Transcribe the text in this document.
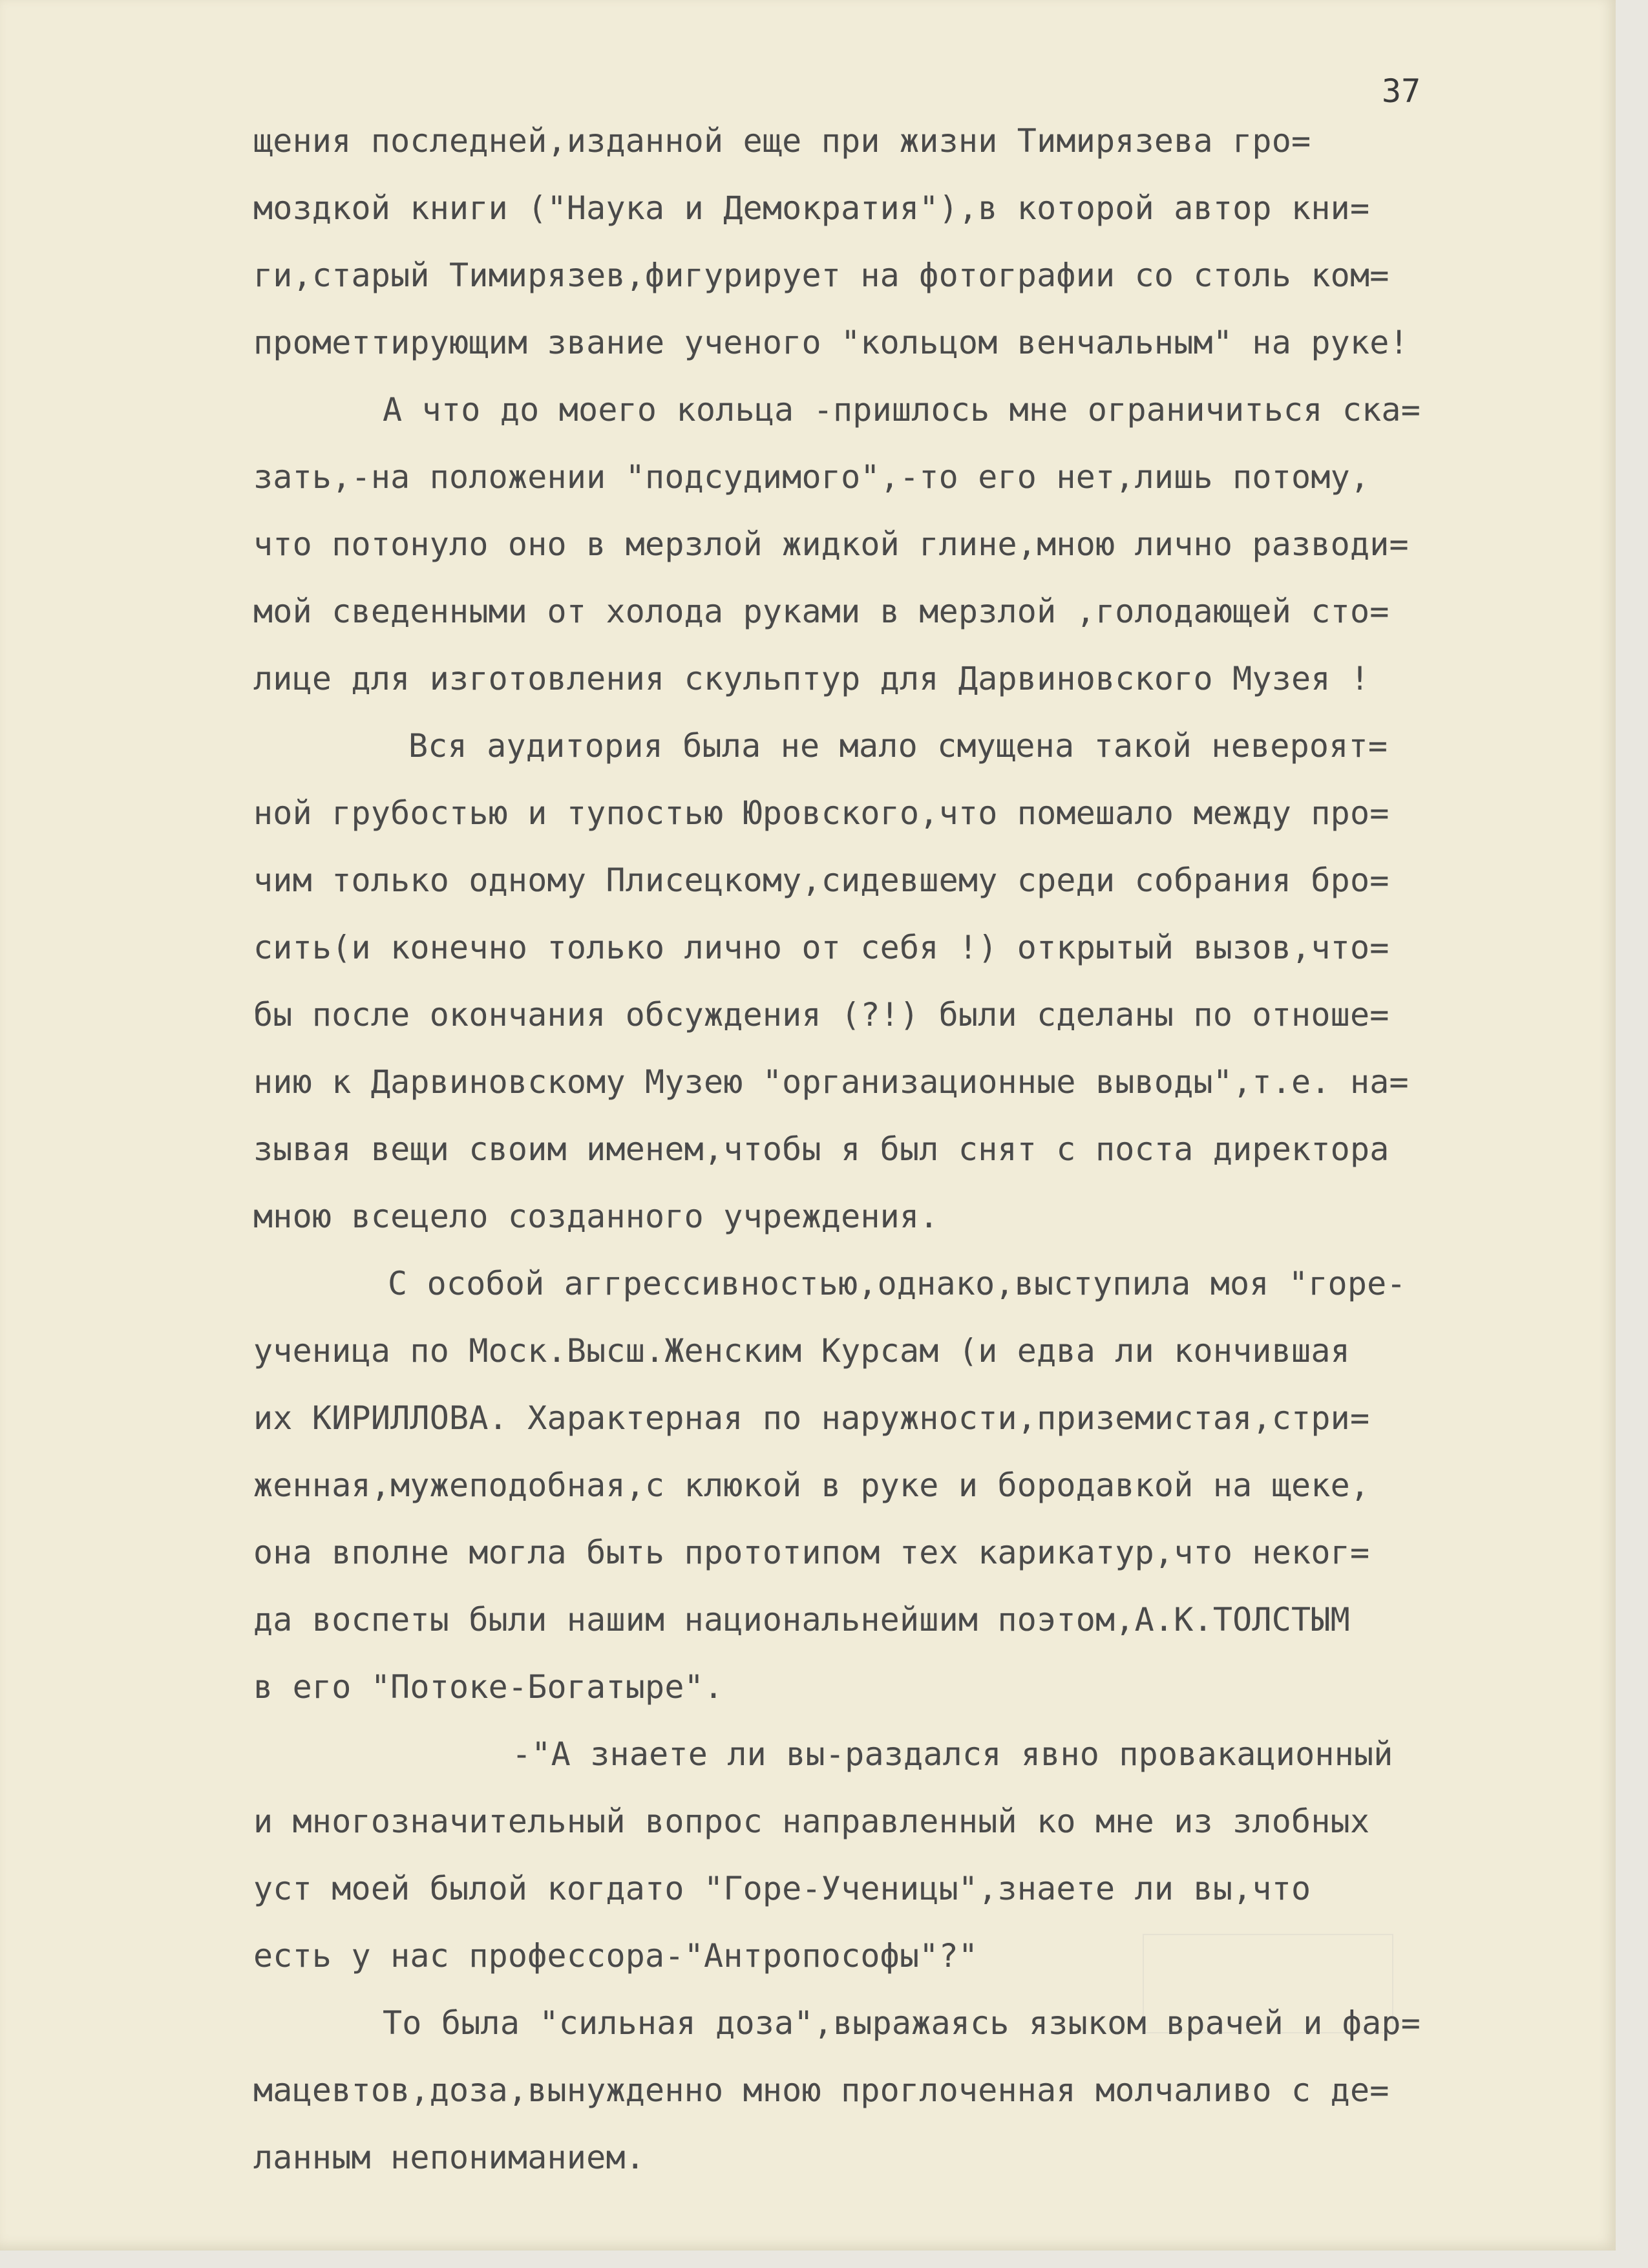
37
щения последней,изданной еще при жизни Тимирязева гро=
моздкой книги ("Наука и Демократия"),в которой автор кни=
ги,старый Тимирязев,фигурирует на фотографии со столь ком=
прометтирующим звание ученого "кольцом венчальным" на руке!
А что до моего кольца -пришлось мне ограничиться ска=
зать,-на положении "подсудимого",-то его нет,лишь потому,
что потонуло оно в мерзлой жидкой глине,мною лично разводи=
мой сведенными от холода руками в мерзлой ,голодающей сто=
лице для изготовления скульптур для Дарвиновского Музея !
Вся аудитория была не мало смущена такой невероят=
ной грубостью и тупостью Юровского,что помешало между про=
чим только одному Плисецкому,сидевшему среди собрания бро=
сить(и конечно только лично от себя !) открытый вызов,что=
бы после окончания обсуждения (?!) были сделаны по отноше=
нию к Дарвиновскому Музею "организационные выводы",т.е. на=
зывая вещи своим именем,чтобы я был снят с поста директора
мною всецело созданного учреждения.
С особой аггрессивностью,однако,выступила моя "горе-
ученица по Моск.Высш.Женским Курсам (и едва ли кончившая
их КИРИЛЛОВА. Характерная по наружности,приземистая,стри=
женная,мужеподобная,с клюкой в руке и бородавкой на щеке,
она вполне могла быть прототипом тех карикатур,что неког=
да воспеты были нашим национальнейшим поэтом,А.К.ТОЛСТЫМ
в его "Потоке-Богатыре".
-"А знаете ли вы-раздался явно провакационный
и многозначительный вопрос направленный ко мне из злобных
уст моей былой когдато "Горе-Ученицы",знаете ли вы,что
есть у нас профессора-"Антропософы"?"
То была "сильная доза",выражаясь языком врачей и фар=
мацевтов,доза,вынужденно мною проглоченная молчаливо с де=
ланным непониманием.
